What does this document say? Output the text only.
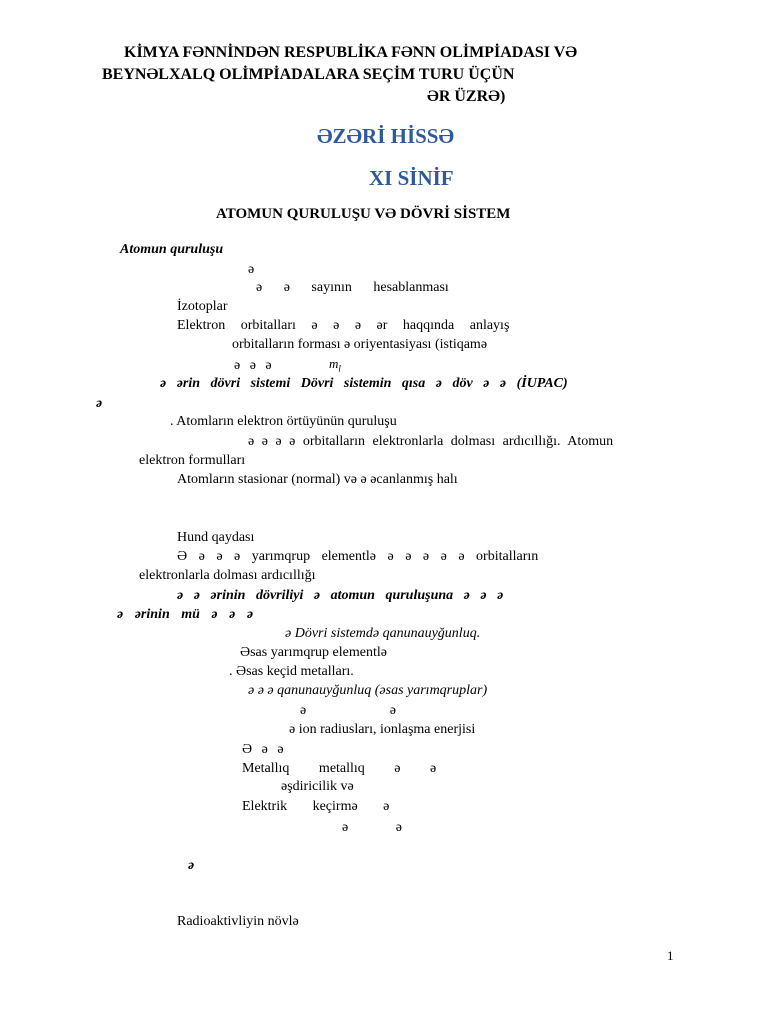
KİMYA FƏNNİNDƏN RESPUBLİKA FƏNN OLİMPİADASI VƏ
BEYNƏLXALQ OLİMPİADALARA SEÇİM TURU ÜÇÜN
ƏR ÜZRƏ)
ƏZƏRİ HİSSƏ
XI SİNİF
ATOMUN QURULUŞU VƏ DÖVRİ SİSTEM
Atomun quruluşu
ə
ə ə sayının hesablanması
İzotoplar
Elektron orbitalları ə ə ə ər haqqında anlayış
orbitalların forması ə oriyentasiyası (istiqamə
ə ə ə	$m_l$
ə ərin dövri sistemi Dövri sistemin qısa ə döv ə ə (İUPAC)
ə
. Atomların elektron örtüyünün quruluşu
ə ə ə ə orbitalların elektronlarla dolması ardıcıllığı. Atomun
elektron formulları
Atomların stasionar (normal) və ə əcanlanmış halı
Hund qaydası
Ə ə ə ə yarımqrup elementlə ə ə ə ə ə orbitalların
elektronlarla dolması ardıcıllığı
ə ə ərinin dövriliyi ə atomun quruluşuna ə ə ə
ə ərinin mü ə ə ə
ə Dövri sistemdə qanunauyğunluq.
Əsas yarımqrup elementlə
. Əsas keçid metalları.
ə ə ə qanunauyğunluq (əsas yarımqruplar)
ə ə
ə ion radiusları, ionlaşma enerjisi
Ə ə ə
Metallıq metallıq ə ə
əşdiricilik və
Elektrik keçirmə ə
ə ə
ə
Radioaktivliyin növlə
1
